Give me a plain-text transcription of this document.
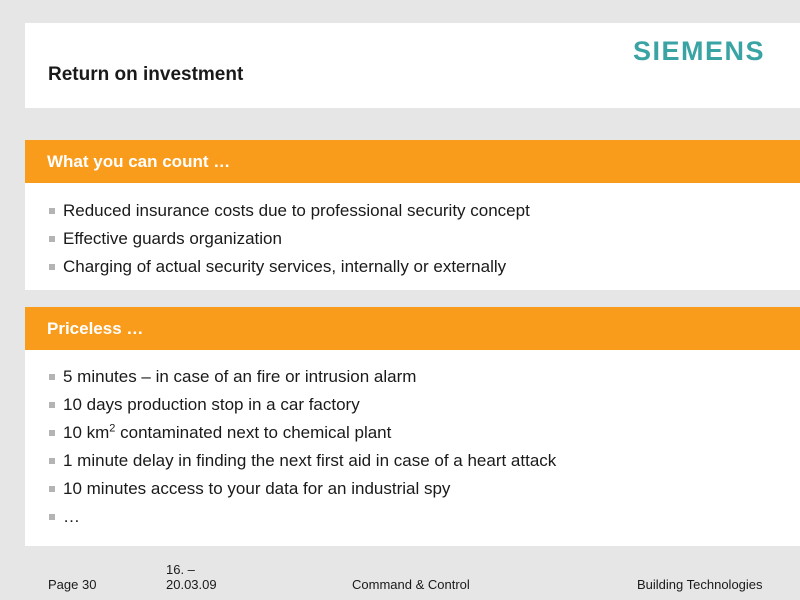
SIEMENS
Return on investment
What you can count …
Reduced insurance costs due to professional security concept
Effective guards organization
Charging of actual security services, internally or externally
Priceless …
5 minutes – in case of an fire or intrusion alarm
10 days production stop in a car factory
10 $km^2$ contaminated next to chemical plant
1 minute delay in finding the next first aid in case of a heart attack
10 minutes access to your data for an industrial spy
…
Page 30
16. –
20.03.09	Command & Control	Building Technologies
